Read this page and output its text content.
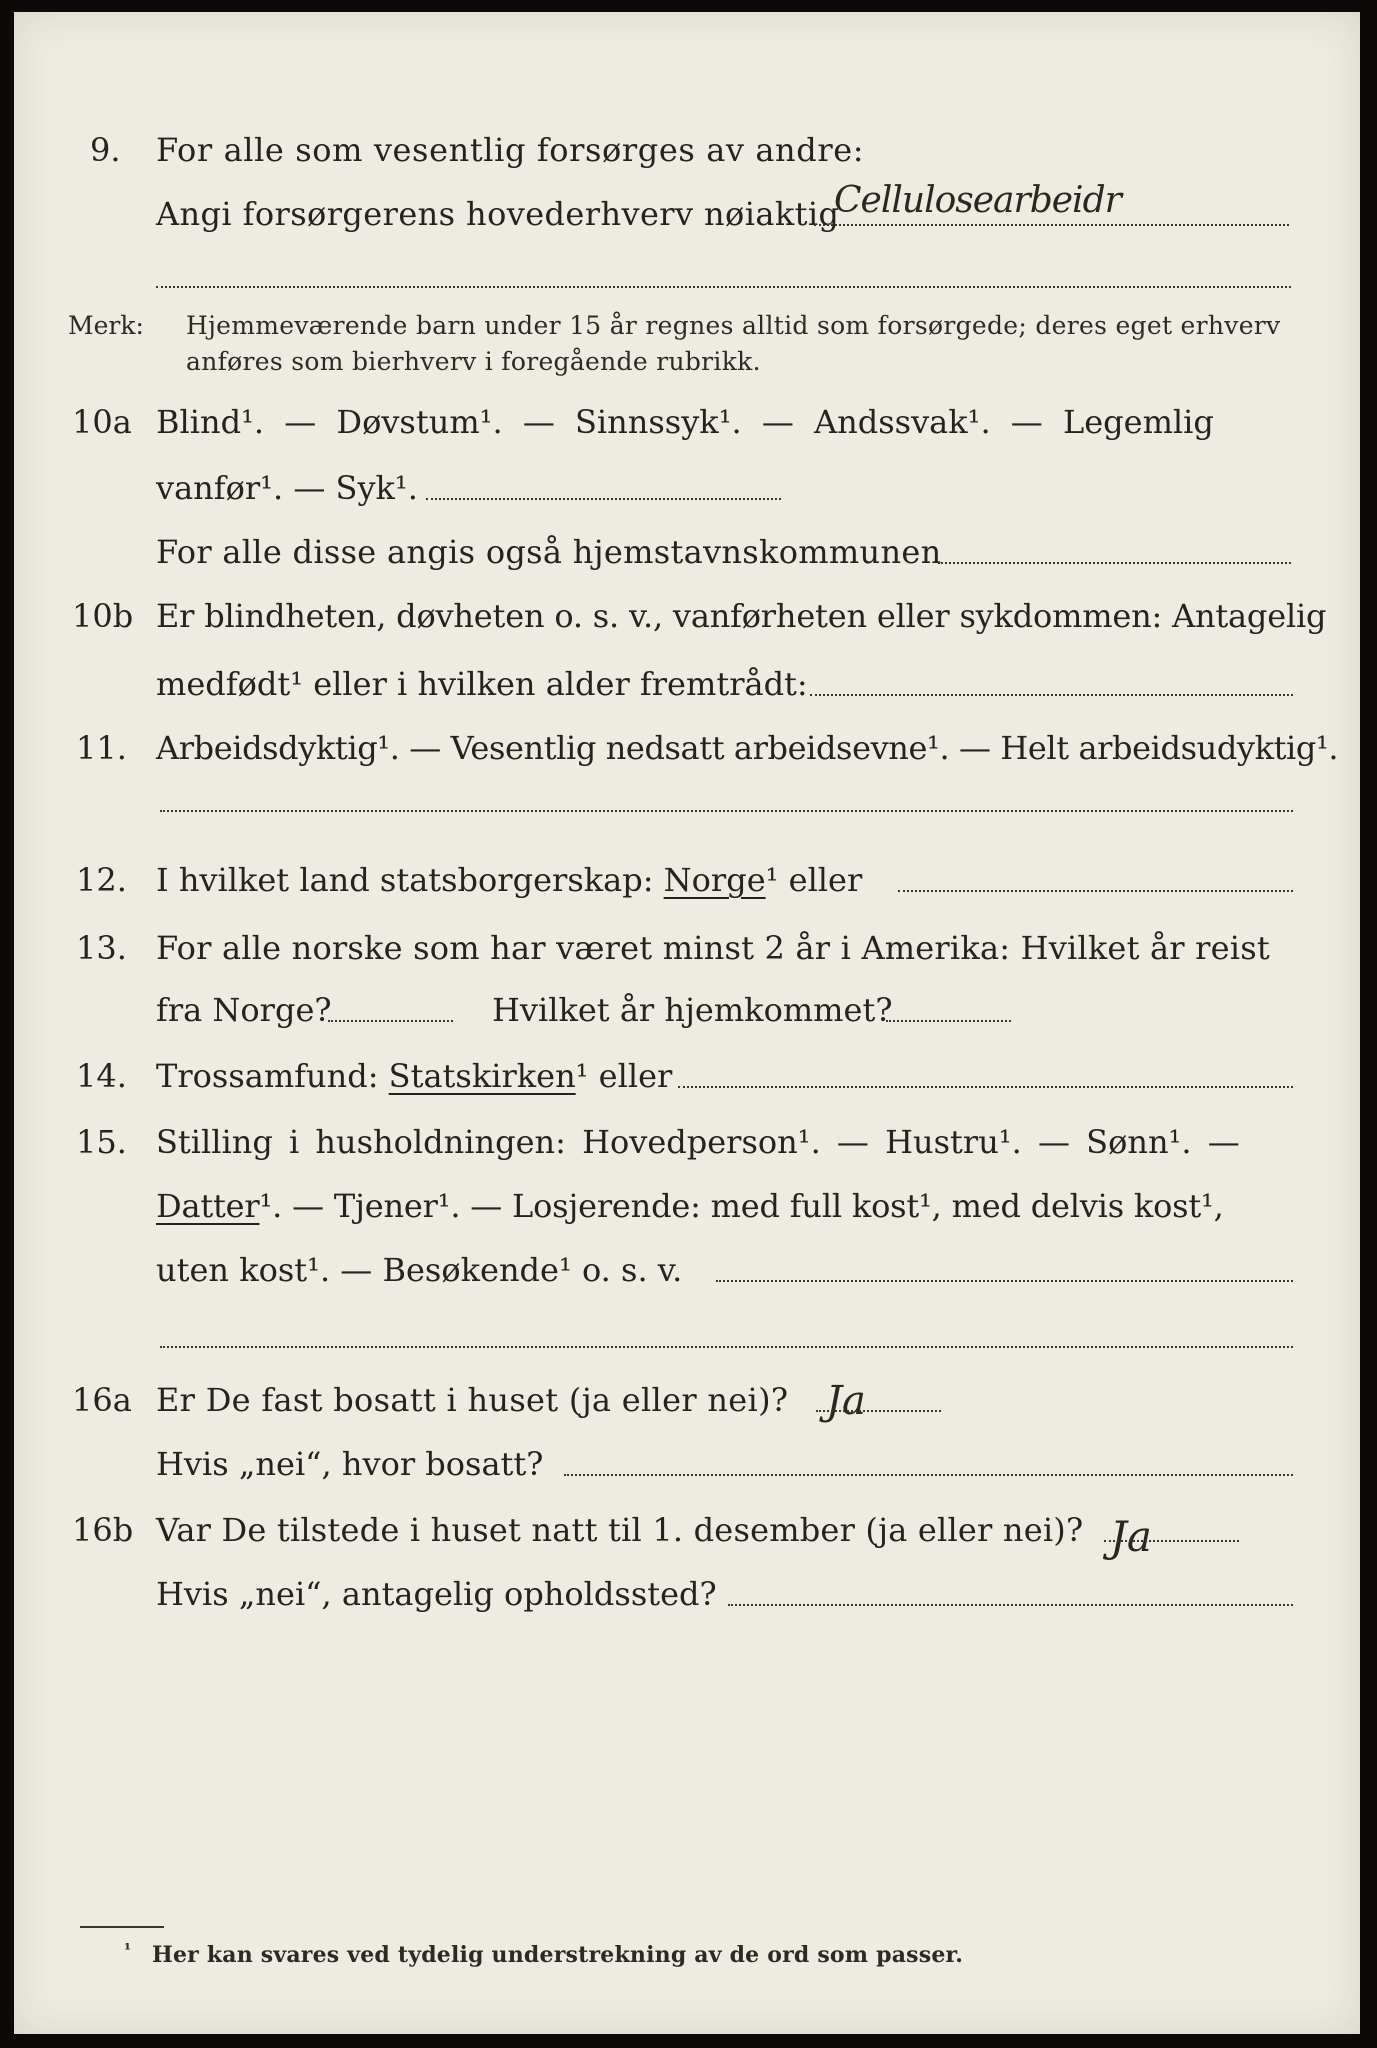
9. For alle som vesentlig forsørges av andre:
Angi forsørgerens hovederhverv nøiaktig
Cellulosearbeidr
Merk: Hjemmeværende barn under 15 år regnes alltid som forsørgede; deres eget erhverv
anføres som bierhverv i foregående rubrikk.
10a Blind¹. — Døvstum¹. — Sinnssyk¹. — Andssvak¹. — Legemlig
vanfør¹. — Syk¹.
For alle disse angis også hjemstavnskommunen
10b Er blindheten, døvheten o. s. v., vanførheten eller sykdommen: Antagelig
medfødt¹ eller i hvilken alder fremtrådt:
11. Arbeidsdyktig¹. — Vesentlig nedsatt arbeidsevne¹. — Helt arbeidsudyktig¹.
12. I hvilket land statsborgerskap: Norge¹ eller
13. For alle norske som har været minst 2 år i Amerika: Hvilket år reist
fra Norge?	Hvilket år hjemkommet?
14. Trossamfund: Statskirken¹ eller
15. Stilling i husholdningen: Hovedperson¹. — Hustru¹. — Sønn¹. —
Datter¹. — Tjener¹. — Losjerende: med full kost¹, med delvis kost¹,
uten kost¹. — Besøkende¹ o. s. v.
16a Er De fast bosatt i huset (ja eller nei)? Ja
Hvis „nei“, hvor bosatt?
16b Var De tilstede i huset natt til 1. desember (ja eller nei)? Ja
Hvis „nei“, antagelig opholdssted?
¹ Her kan svares ved tydelig understrekning av de ord som passer.
